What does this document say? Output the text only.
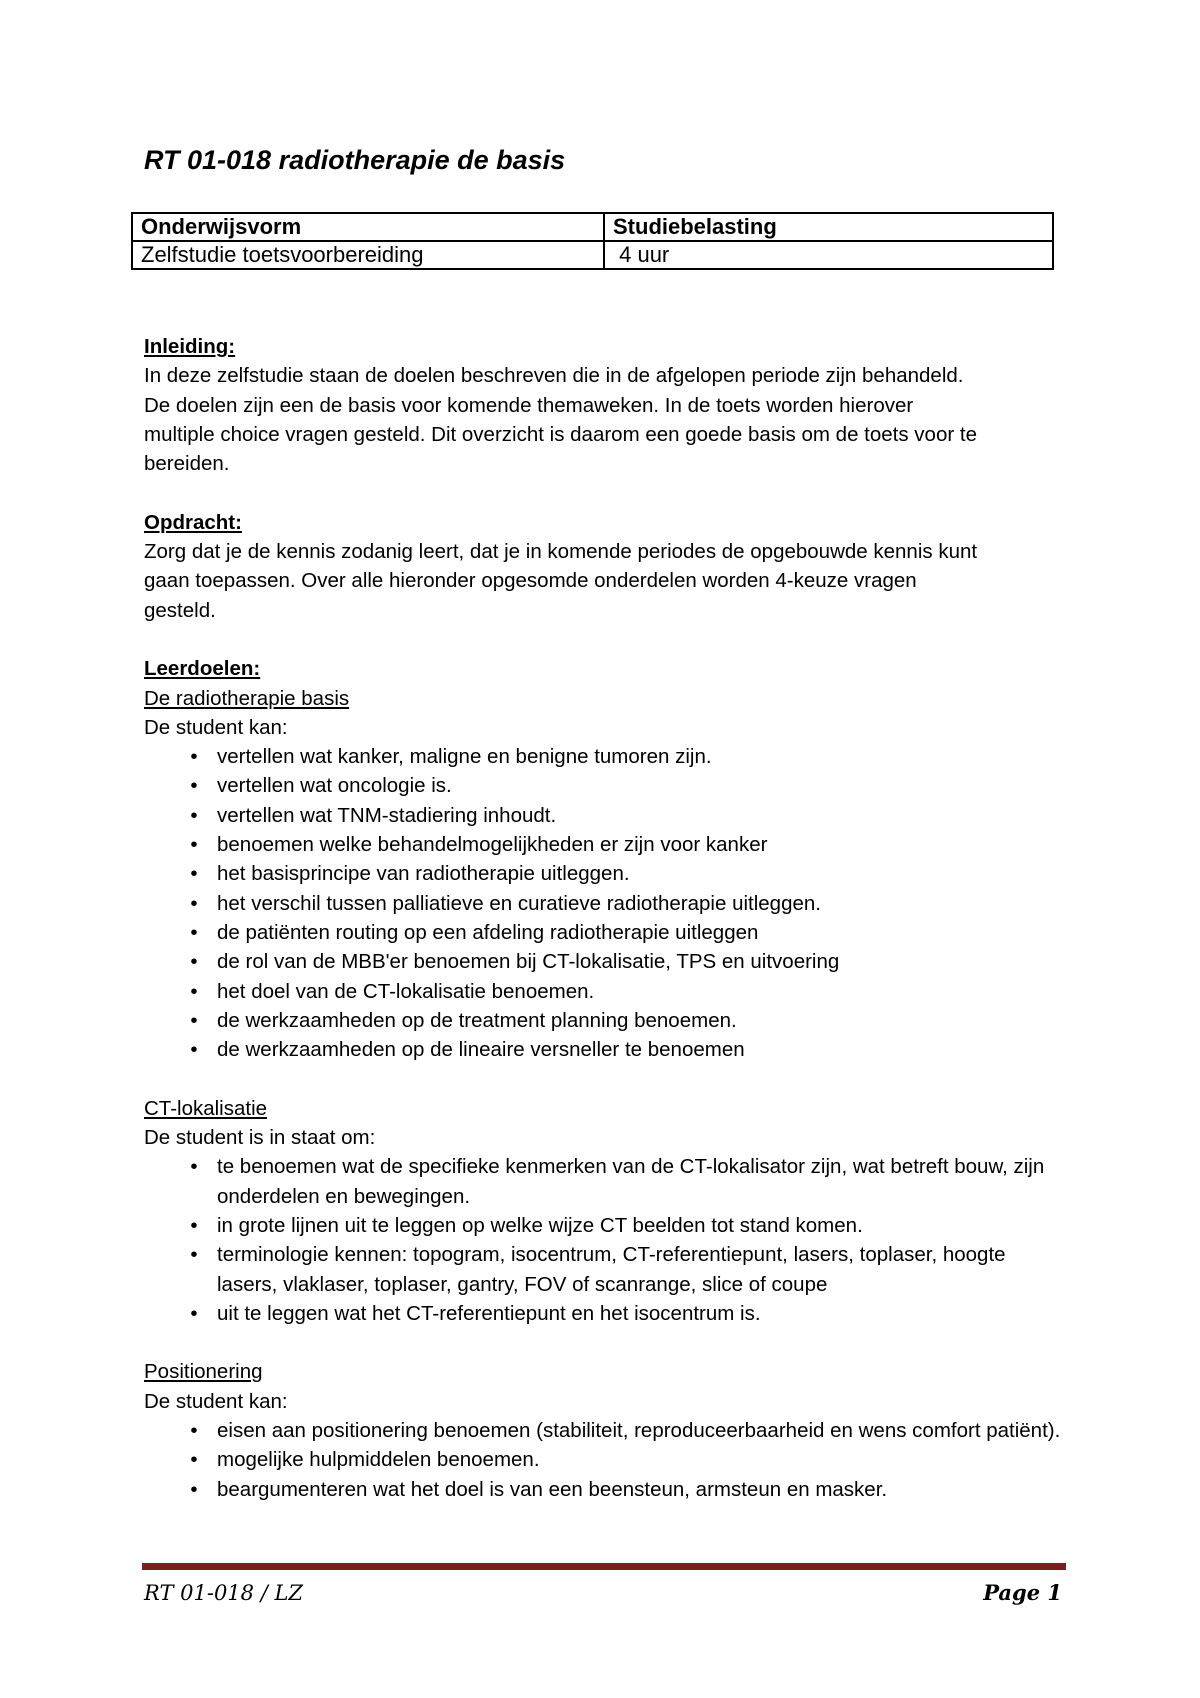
RT 01-018 radiotherapie de basis
Onderwijsvorm	Studiebelasting
Zelfstudie toetsvoorbereiding	4 uur

Inleiding:

In deze zelfstudie staan de doelen beschreven die in de afgelopen periode zijn behandeld.

De doelen zijn een de basis voor komende themaweken. In de toets worden hierover

multiple choice vragen gesteld. Dit overzicht is daarom een goede basis om de toets voor te

bereiden.

Opdracht:

Zorg dat je de kennis zodanig leert, dat je in komende periodes de opgebouwde kennis kunt

gaan toepassen. Over alle hieronder opgesomde onderdelen worden 4-keuze vragen

gesteld.

Leerdoelen:

De radiotherapie basis

De student kan:

• vertellen wat kanker, maligne en benigne tumoren zijn.
• vertellen wat oncologie is.
• vertellen wat TNM-stadiering inhoudt.
• benoemen welke behandelmogelijkheden er zijn voor kanker
• het basisprincipe van radiotherapie uitleggen.
• het verschil tussen palliatieve en curatieve radiotherapie uitleggen.
• de patiënten routing op een afdeling radiotherapie uitleggen
• de rol van de MBB'er benoemen bij CT-lokalisatie, TPS en uitvoering
• het doel van de CT-lokalisatie benoemen.
• de werkzaamheden op de treatment planning benoemen.
• de werkzaamheden op de lineaire versneller te benoemen

CT-lokalisatie

De student is in staat om:

• te benoemen wat de specifieke kenmerken van de CT-lokalisator zijn, wat betreft bouw, zijn onderdelen en bewegingen.
• in grote lijnen uit te leggen op welke wijze CT beelden tot stand komen.
• terminologie kennen: topogram, isocentrum, CT-referentiepunt, lasers, toplaser, hoogte lasers, vlaklaser, toplaser, gantry, FOV of scanrange, slice of coupe
• uit te leggen wat het CT-referentiepunt en het isocentrum is.

Positionering

De student kan:

• eisen aan positionering benoemen (stabiliteit, reproduceerbaarheid en wens comfort patiënt).
• mogelijke hulpmiddelen benoemen.
• beargumenteren wat het doel is van een beensteun, armsteun en masker.
RT 01-018 / LZ	Page 1
